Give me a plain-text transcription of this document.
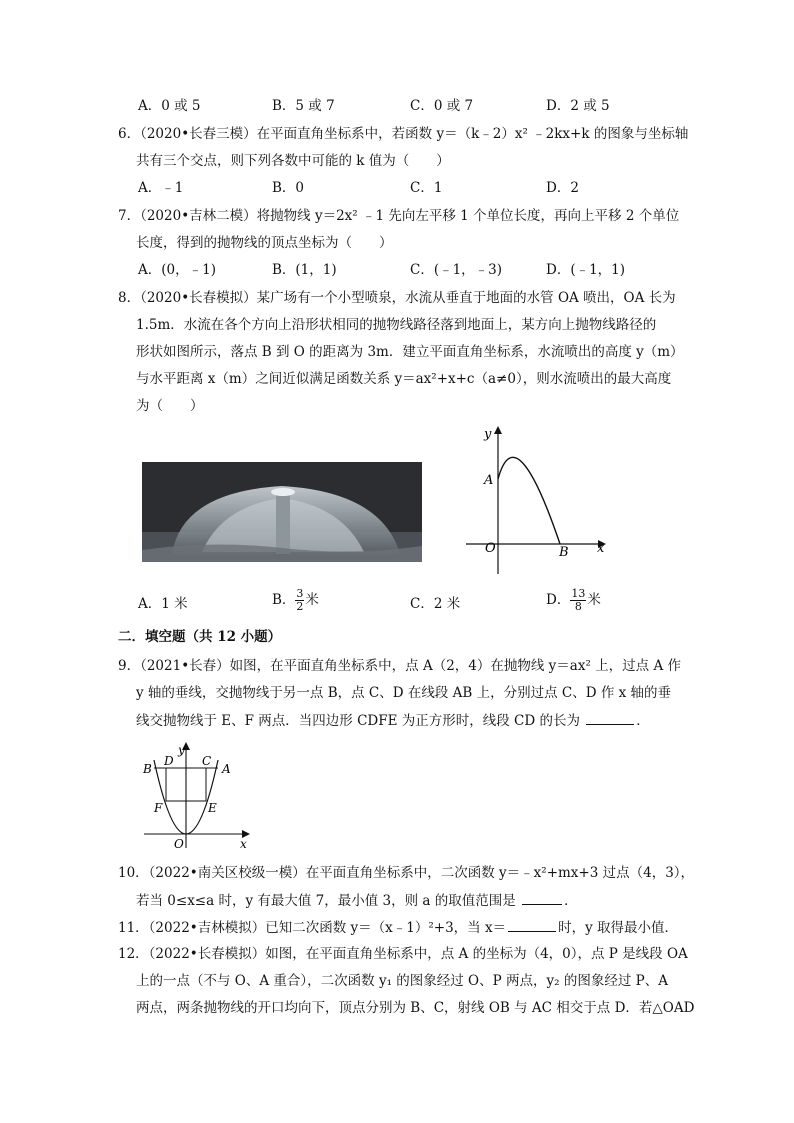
A．0 或 5	B．5 或 7	C．0 或 7	D．2 或 5
6．（2020•长春三模）在平面直角坐标系中，若函数 y＝（k﹣2）x² ﹣2kx+k 的图象与坐标轴
共有三个交点，则下列各数中可能的 k 值为（　　）
A．﹣1	B．0	C．1	D．2
7．（2020•吉林二模）将抛物线 y＝2x² ﹣1 先向左平移 1 个单位长度，再向上平移 2 个单位
长度，得到的抛物线的顶点坐标为（　　）
A．(0，﹣1)	B．(1，1)	C．(﹣1，﹣3)	D．(﹣1，1)
8．（2020•长春模拟）某广场有一个小型喷泉，水流从垂直于地面的水管 OA 喷出，OA 长为
1.5m．水流在各个方向上沿形状相同的抛物线路径落到地面上，某方向上抛物线路径的
形状如图所示，落点 B 到 O 的距离为 3m．建立平面直角坐标系，水流喷出的高度 y（m）
与水平距离 x（m）之间近似满足函数关系 y＝ax²+x+c（a≠0），则水流喷出的最大高度
为（　　）
y
A
O	B x
A．1 米	B． $\frac{3}{2}$ 米	C．2 米	D． $\frac{13}{8}$ 米
二．填空题（共 12 小题）
9．（2021•长春）如图，在平面直角坐标系中，点 A（2，4）在抛物线 y＝ax² 上，过点 A 作
y 轴的垂线，交抛物线于另一点 B，点 C、D 在线段 AB 上，分别过点 C、D 作 x 轴的垂
线交抛物线于 E、F 两点．当四边形 CDFE 为正方形时，线段 CD 的长为	．
y
B
D C
A
F	E
O	x
10．（2022•南关区校级一模）在平面直角坐标系中，二次函数 y＝﹣x²+mx+3 过点（4，3），
若当 0≤x≤a 时，y 有最大值 7，最小值 3，则 a 的取值范围是	．
11．（2022•吉林模拟）已知二次函数 y＝（x﹣1）²+3，当 x＝	时，y 取得最小值．
12．（2022•长春模拟）如图，在平面直角坐标系中，点 A 的坐标为（4，0），点 P 是线段 OA
上的一点（不与 O、A 重合），二次函数 y₁ 的图象经过 O、P 两点，y₂ 的图象经过 P、A
两点，两条抛物线的开口均向下，顶点分别为 B、C，射线 OB 与 AC 相交于点 D．若△OAD
